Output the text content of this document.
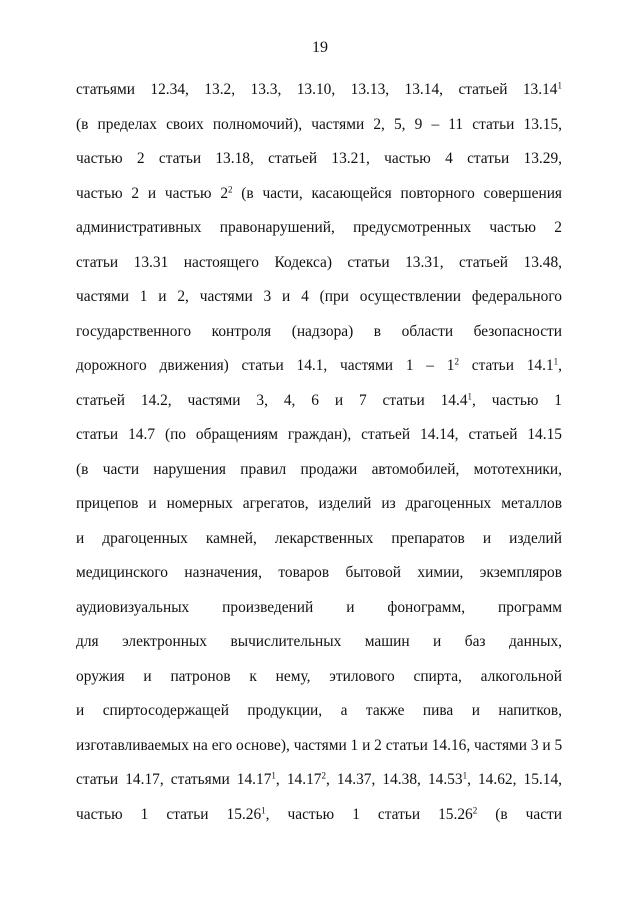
19
статьями 12.34, 13.2, 13.3, 13.10, 13.13, 13.14, статьей 13.14$^1$
(в пределах своих полномочий), частями 2, 5, 9 – 11 статьи 13.15,
частью 2 статьи 13.18, статьей 13.21, частью 4 статьи 13.29,
частью 2 и частью $2^2$ (в части, касающейся повторного совершения
административных правонарушений, предусмотренных частью 2
статьи 13.31 настоящего Кодекса) статьи 13.31, статьей 13.48,
частями 1 и 2, частями 3 и 4 (при осуществлении федерального
государственного контроля (надзора) в области безопасности
дорожного движения) статьи 14.1, частями $1 - 1^2$ статьи 14.1$^1$,
статьей 14.2, частями 3, 4, 6 и 7 статьи 14.4$^1$, частью 1
статьи 14.7 (по обращениям граждан), статьей 14.14, статьей 14.15
(в части нарушения правил продажи автомобилей, мототехники,
прицепов и номерных агрегатов, изделий из драгоценных металлов
и драгоценных камней, лекарственных препаратов и изделий
медицинского назначения, товаров бытовой химии, экземпляров
аудиовизуальных произведений и фонограмм, программ
для электронных вычислительных машин и баз данных,
оружия и патронов к нему, этилового спирта, алкогольной
и спиртосодержащей продукции, а также пива и напитков,
изготавливаемых на его основе), частями 1 и 2 статьи 14.16, частями 3 и 5
статьи 14.17, статьями 14.17$^1$, 14.17$^2$, 14.37, 14.38, 14.53$^1$, 14.62, 15.14,
частью 1 статьи 15.26$^1$, частью 1 статьи 15.26$^2$ (в части
